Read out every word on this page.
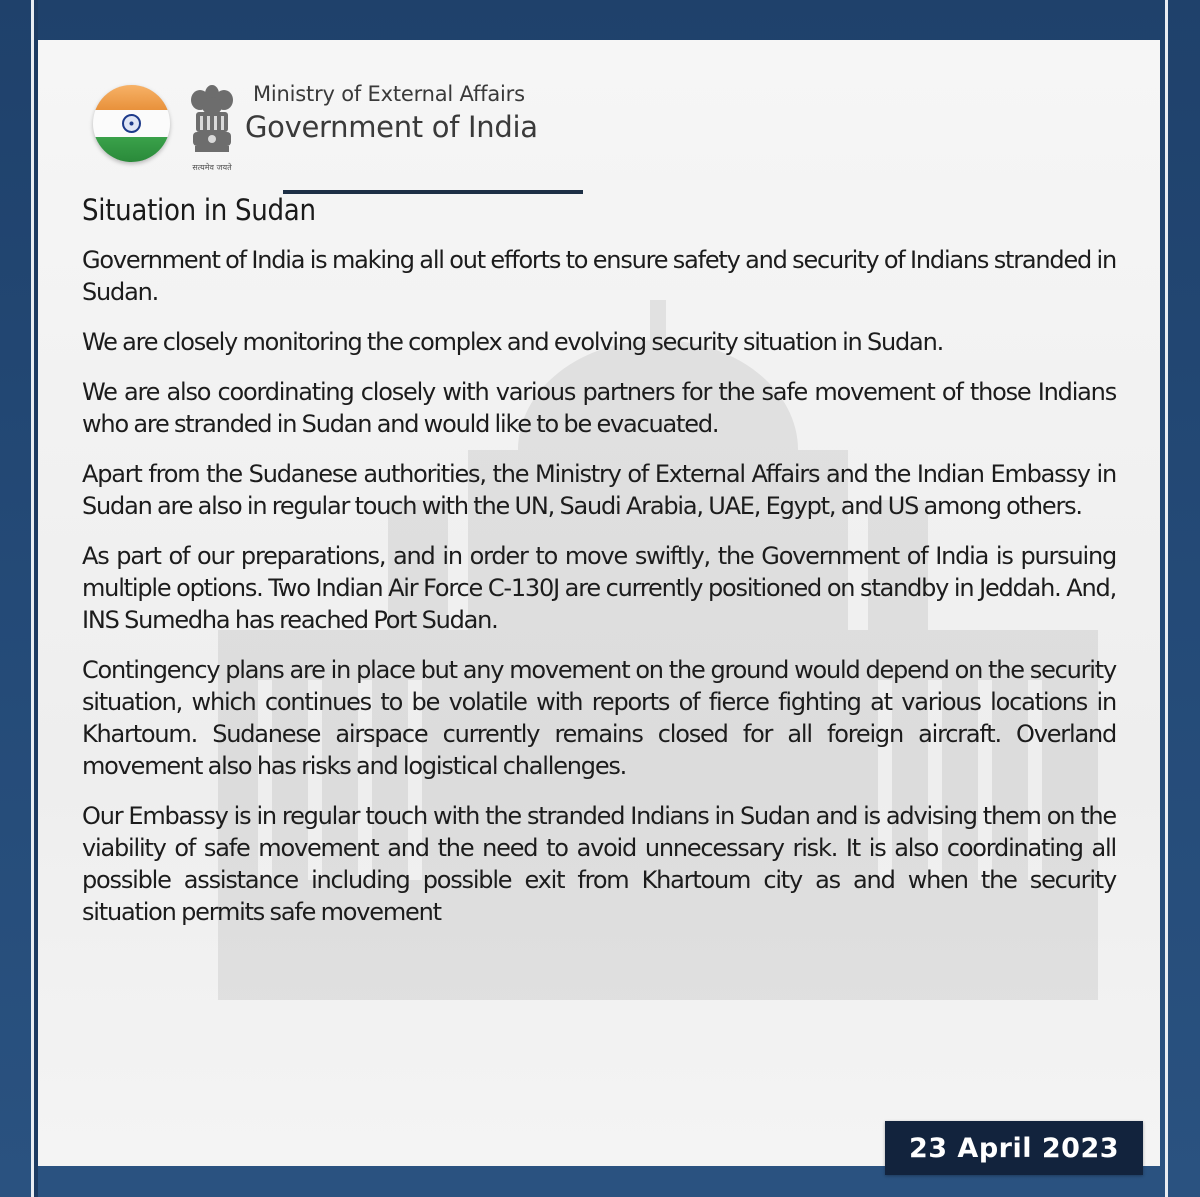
सत्यमेव जयते
Ministry of External Affairs
Government of India
Situation in Sudan

Government of India is making all out efforts to ensure safety and security of Indians stranded in Sudan.

We are closely monitoring the complex and evolving security situation in Sudan.

We are also coordinating closely with various partners for the safe movement of those Indians who are stranded in Sudan and would like to be evacuated.

Apart from the Sudanese authorities, the Ministry of External Affairs and the Indian Embassy in Sudan are also in regular touch with the UN, Saudi Arabia, UAE, Egypt, and US among others.

As part of our preparations, and in order to move swiftly, the Government of India is pursuing multiple options. Two Indian Air Force C-130J are currently positioned on standby in Jeddah. And, INS Sumedha has reached Port Sudan.

Contingency plans are in place but any movement on the ground would depend on the security situation, which continues to be volatile with reports of fierce fighting at various locations in Khartoum. Sudanese airspace currently remains closed for all foreign aircraft. Overland movement also has risks and logistical challenges.

Our Embassy is in regular touch with the stranded Indians in Sudan and is advising them on the viability of safe movement and the need to avoid unnecessary risk. It is also coordinating all possible assistance including possible exit from Khartoum city as and when the security situation permits safe movement

23 April 2023
